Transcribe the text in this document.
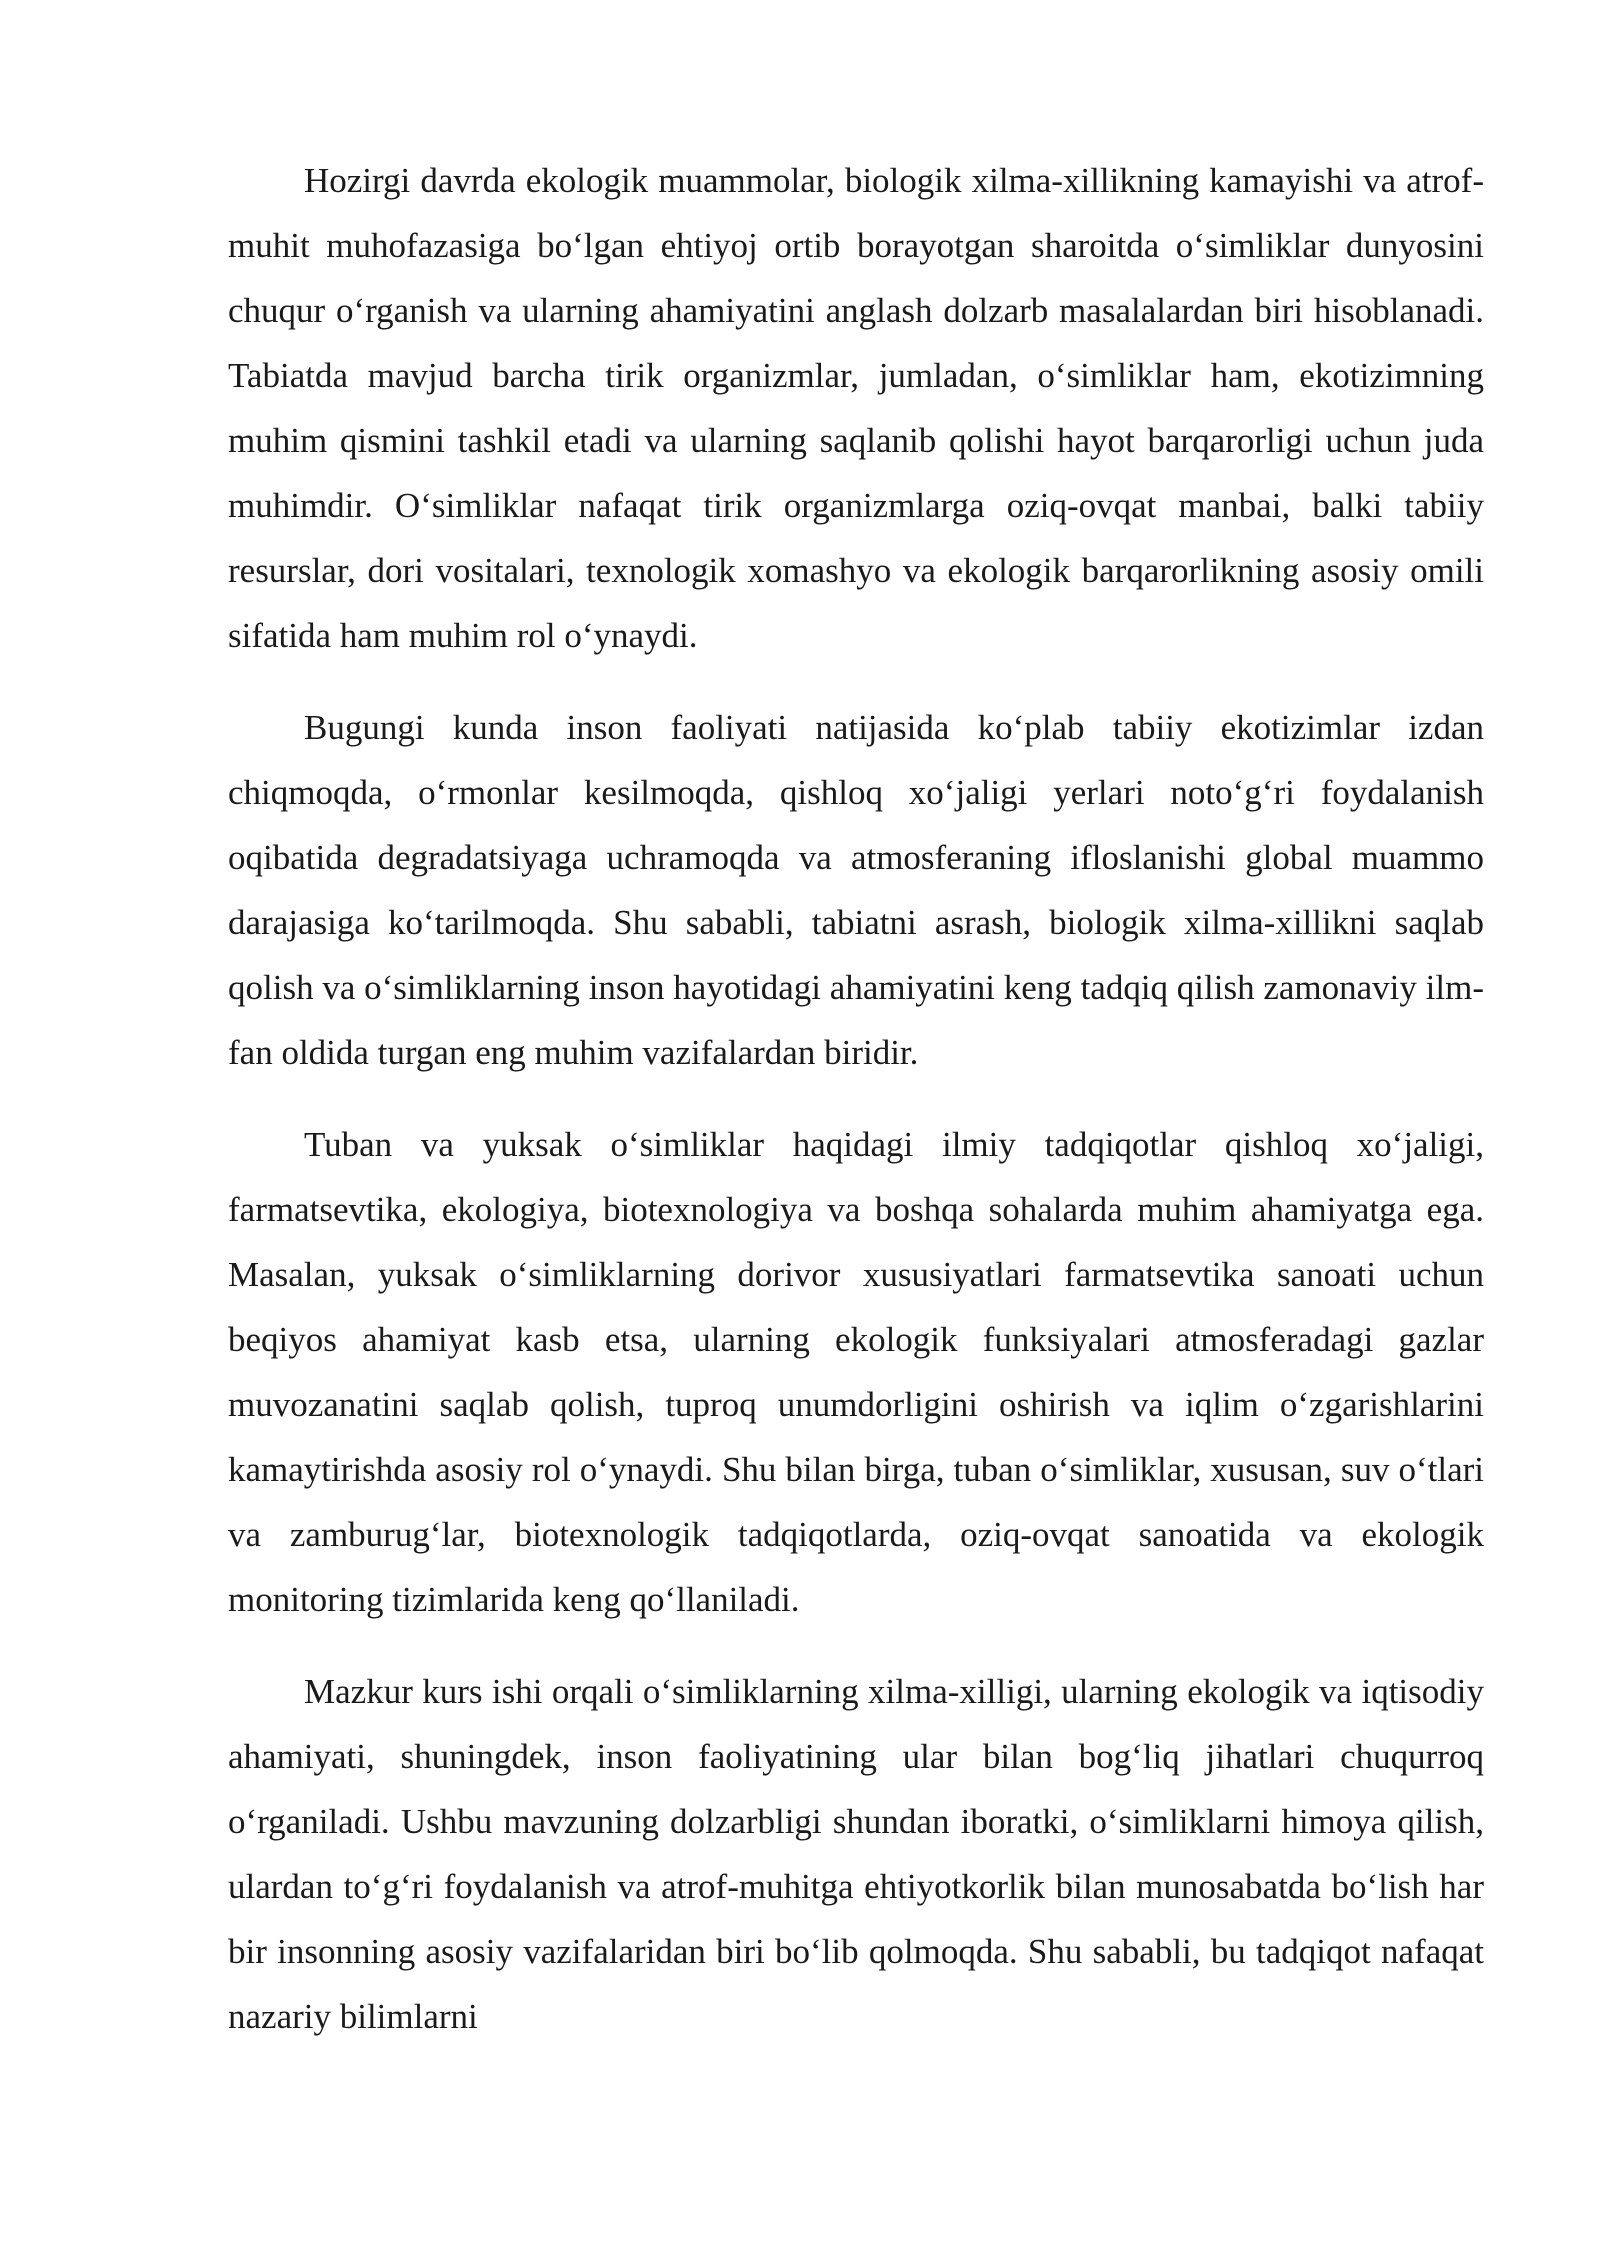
Hozirgi davrda ekologik muammolar, biologik xilma-xillikning kamayishi va atrof-muhit muhofazasiga bo‘lgan ehtiyoj ortib borayotgan sharoitda o‘simliklar dunyosini chuqur o‘rganish va ularning ahamiyatini anglash dolzarb masalalardan biri hisoblanadi. Tabiatda mavjud barcha tirik organizmlar, jumladan, o‘simliklar ham, ekotizimning muhim qismini tashkil etadi va ularning saqlanib qolishi hayot barqarorligi uchun juda muhimdir. O‘simliklar nafaqat tirik organizmlarga oziq-ovqat manbai, balki tabiiy resurslar, dori vositalari, texnologik xomashyo va ekologik barqarorlikning asosiy omili sifatida ham muhim rol o‘ynaydi.

Bugungi kunda inson faoliyati natijasida ko‘plab tabiiy ekotizimlar izdan chiqmoqda, o‘rmonlar kesilmoqda, qishloq xo‘jaligi yerlari noto‘g‘ri foydalanish oqibatida degradatsiyaga uchramoqda va atmosferaning ifloslanishi global muammo darajasiga ko‘tarilmoqda. Shu sababli, tabiatni asrash, biologik xilma-xillikni saqlab qolish va o‘simliklarning inson hayotidagi ahamiyatini keng tadqiq qilish zamonaviy ilm-fan oldida turgan eng muhim vazifalardan biridir.

Tuban va yuksak o‘simliklar haqidagi ilmiy tadqiqotlar qishloq xo‘jaligi, farmatsevtika, ekologiya, biotexnologiya va boshqa sohalarda muhim ahamiyatga ega. Masalan, yuksak o‘simliklarning dorivor xususiyatlari farmatsevtika sanoati uchun beqiyos ahamiyat kasb etsa, ularning ekologik funksiyalari atmosferadagi gazlar muvozanatini saqlab qolish, tuproq unumdorligini oshirish va iqlim o‘zgarishlarini kamaytirishda asosiy rol o‘ynaydi. Shu bilan birga, tuban o‘simliklar, xususan, suv o‘tlari va zamburug‘lar, biotexnologik tadqiqotlarda, oziq-ovqat sanoatida va ekologik monitoring tizimlarida keng qo‘llaniladi.

Mazkur kurs ishi orqali o‘simliklarning xilma-xilligi, ularning ekologik va iqtisodiy ahamiyati, shuningdek, inson faoliyatining ular bilan bog‘liq jihatlari chuqurroq o‘rganiladi. Ushbu mavzuning dolzarbligi shundan iboratki, o‘simliklarni himoya qilish, ulardan to‘g‘ri foydalanish va atrof-muhitga ehtiyotkorlik bilan munosabatda bo‘lish har bir insonning asosiy vazifalaridan biri bo‘lib qolmoqda. Shu sababli, bu tadqiqot nafaqat nazariy bilimlarni
